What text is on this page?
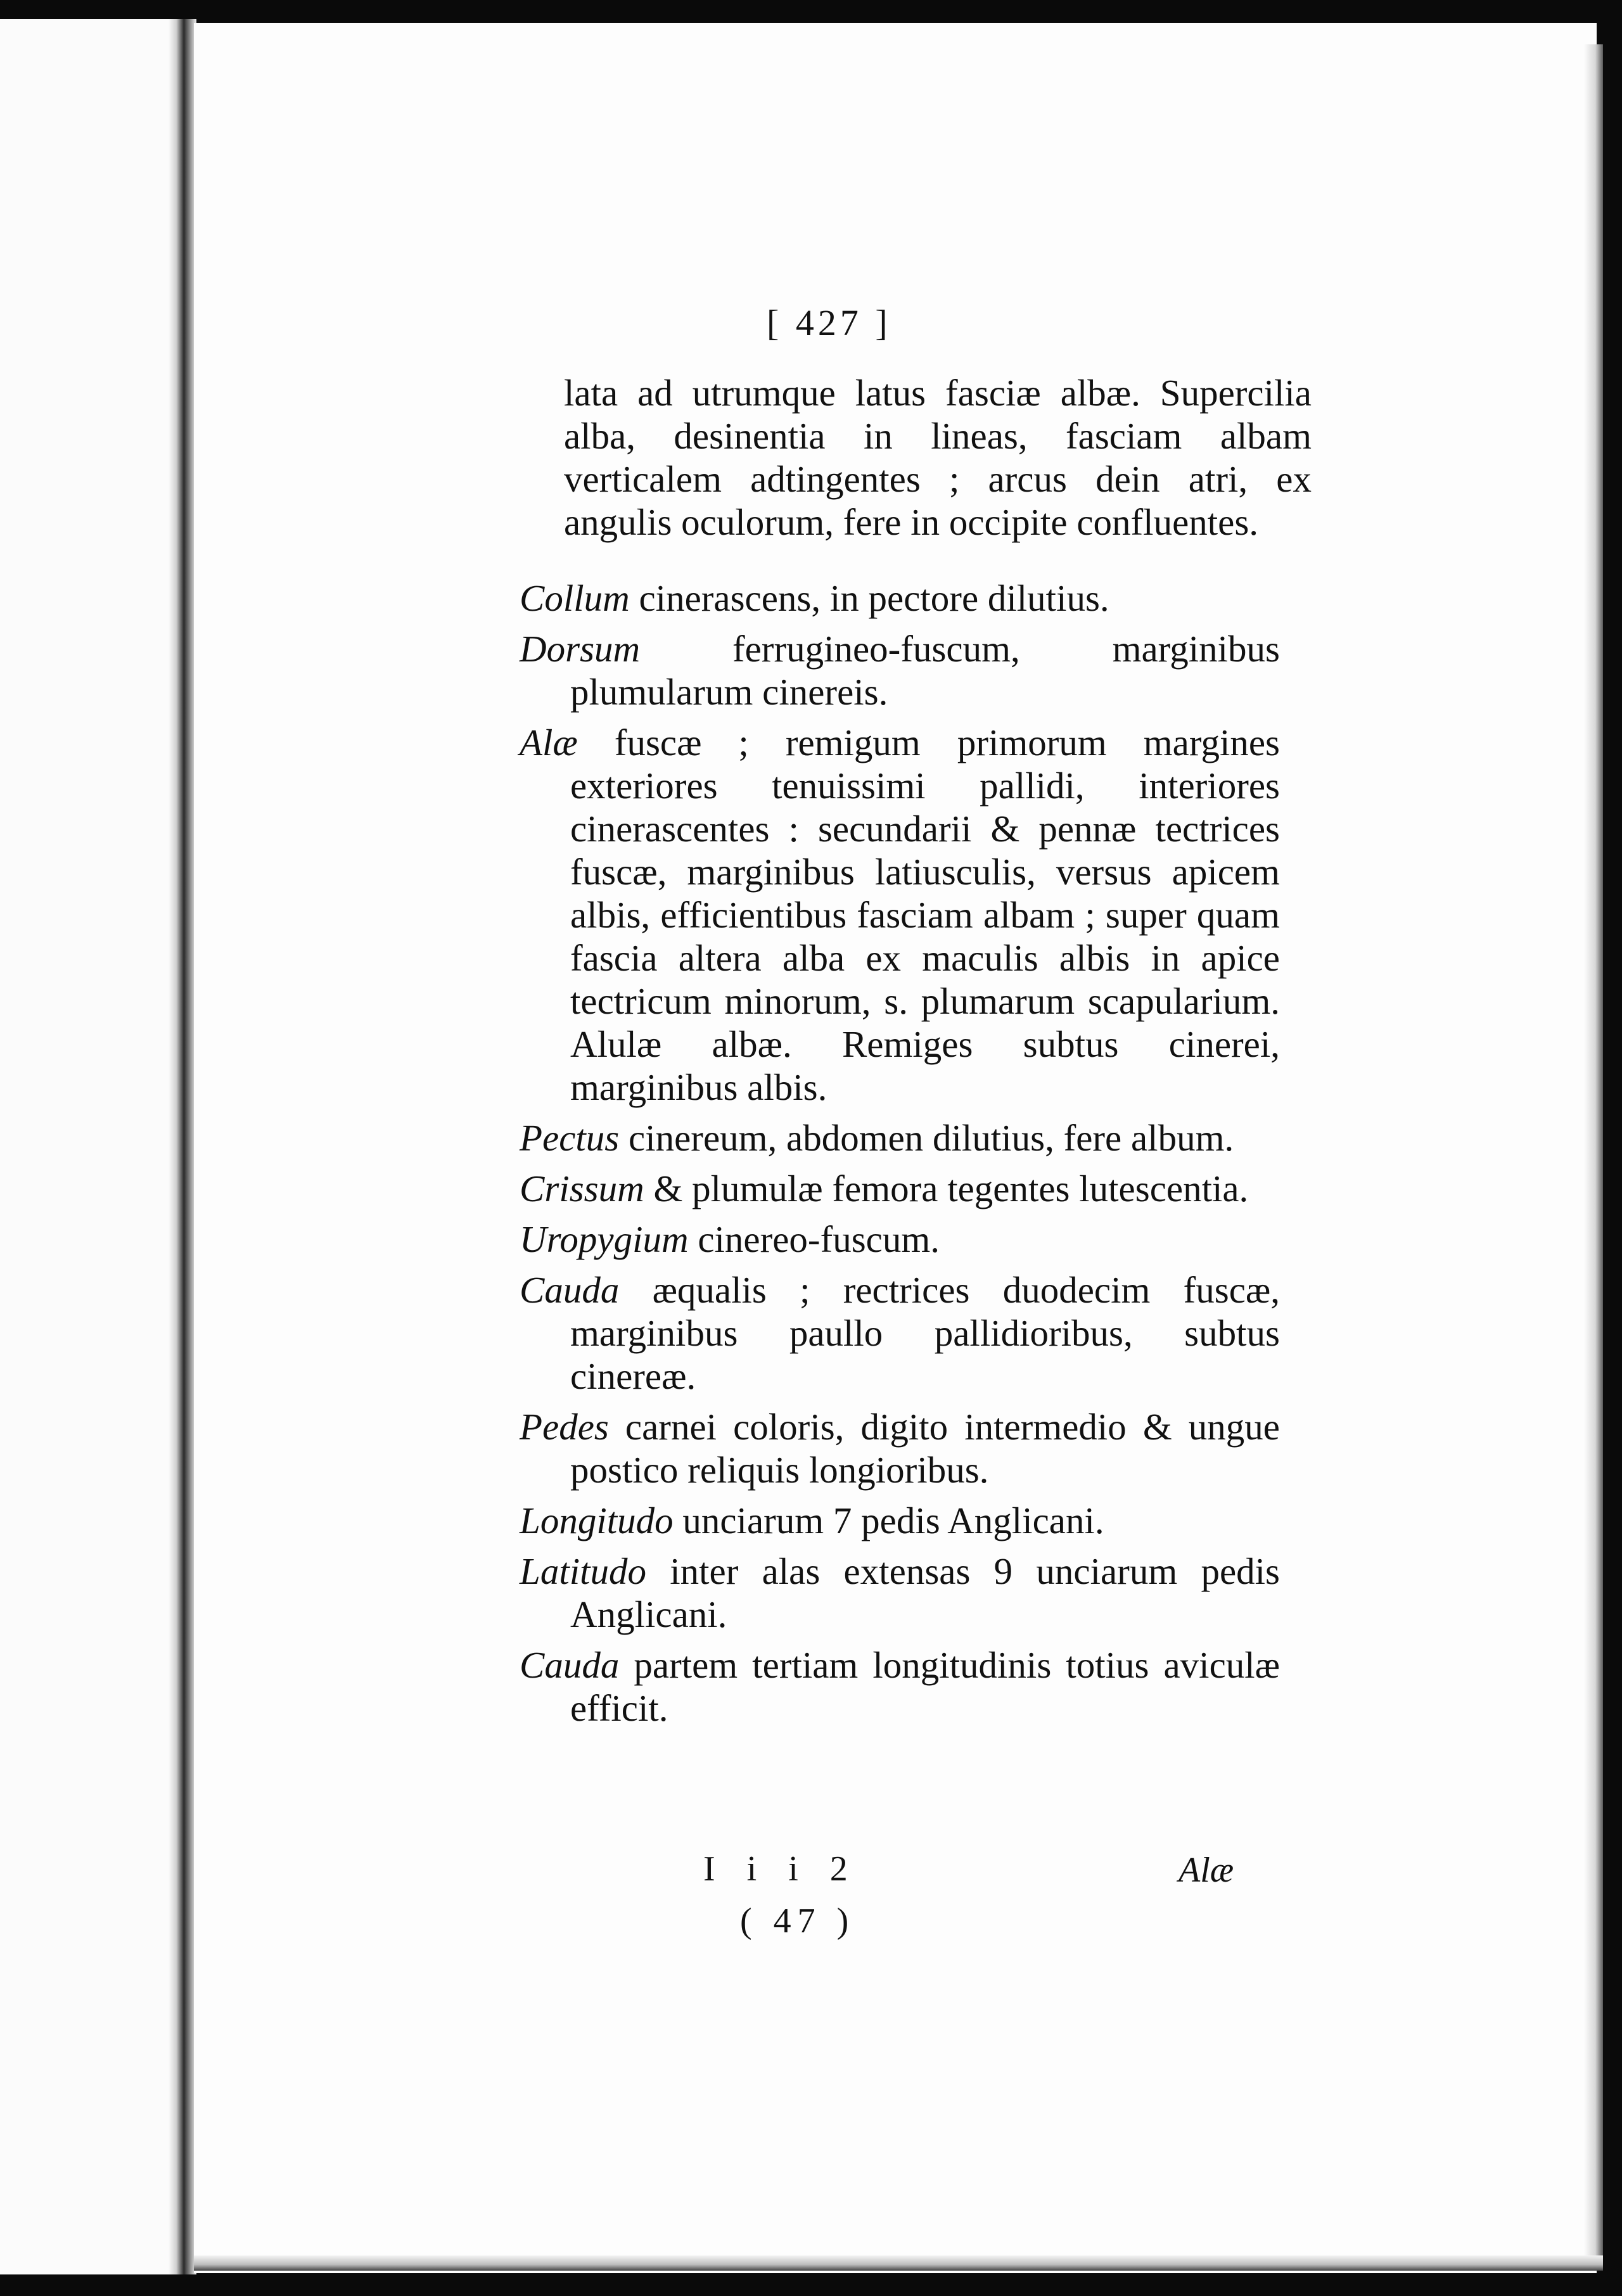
[ 427 ]

lata ad utrumque latus fasciæ albæ. Supercilia alba, desinentia in lineas, fasciam albam verticalem adtingentes ; arcus dein atri, ex angulis oculorum, fere in occipite confluentes.

Collum cinerascens, in pectore dilutius.

Dorsum ferrugineo-fuscum, marginibus plumularum cinereis.

Alæ fuscæ ; remigum primorum margines exteriores tenuissimi pallidi, interiores cinerascentes : secundarii & pennæ tectrices fuscæ, marginibus latiusculis, versus apicem albis, efficientibus fasciam albam ; super quam fascia altera alba ex maculis albis in apice tectricum minorum, s. plumarum scapularium. Alulæ albæ. Remiges subtus cinerei, marginibus albis.

Pectus cinereum, abdomen dilutius, fere album.

Crissum & plumulæ femora tegentes lutescentia.

Uropygium cinereo-fuscum.

Cauda æqualis ; rectrices duodecim fuscæ, marginibus paullo pallidioribus, subtus cinereæ.

Pedes carnei coloris, digito intermedio & ungue postico reliquis longioribus.

Longitudo unciarum 7 pedis Anglicani.

Latitudo inter alas extensas 9 unciarum pedis Anglicani.

Cauda partem tertiam longitudinis totius aviculæ efficit.

I i i 2	Alæ
( 47 )
